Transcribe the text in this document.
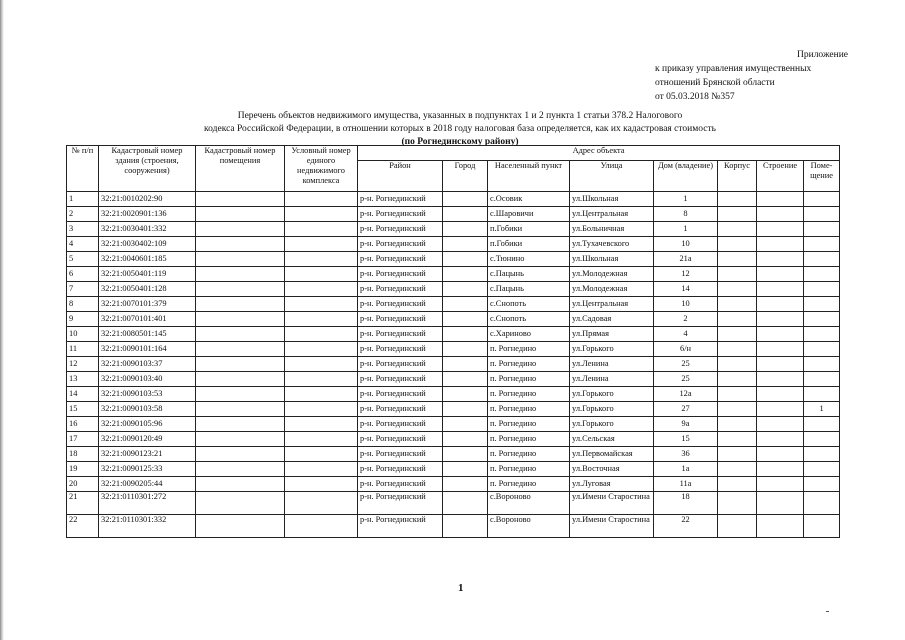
Приложение
к приказу управления имущественных
отношений Брянской области
от 05.03.2018 №357
Перечень объектов недвижимого имущества, указанных в подпунктах 1 и 2 пункта 1 статьи 378.2 Налогового
кодекса Российской Федерации, в отношении которых в 2018 году налоговая база определяется, как их кадастровая стоимость
(по Рогнединскому району)
№ п/п	Кадастровый номер здания (строения, сооружения)	Кадастровый номер помещения	Условный номер единого недвижимого комплекса	Адрес объекта							
				Район	Город	Населенный пункт	Улица	Дом (владение)	Корпус	Строение	Поме-щение
1	32:21:0010202:90			р-н. Рогнединский		с.Осовик	ул.Школьная	1			
2	32:21:0020901:136			р-н. Рогнединский		с.Шаровичи	ул.Центральная	8			
3	32:21:0030401:332			р-н. Рогнединский		п.Гобики	ул.Больничная	1			
4	32:21:0030402:109			р-н. Рогнединский		п.Гобики	ул.Тухачевского	10			
5	32:21:0040601:185			р-н. Рогнединский		с.Тюнино	ул.Школьная	21а			
6	32:21:0050401:119			р-н. Рогнединский		с.Пацынь	ул.Молодежная	12			
7	32:21:0050401:128			р-н. Рогнединский		с.Пацынь	ул.Молодежная	14			
8	32:21:0070101:379			р-н. Рогнединский		с.Снопоть	ул.Центральная	10			
9	32:21:0070101:401			р-н. Рогнединский		с.Снопоть	ул.Садовая	2			
10	32:21:0080501:145			р-н. Рогнединский		с.Хариново	ул.Прямая	4			
11	32:21:0090101:164			р-н. Рогнединский		п. Рогнедино	ул.Горького	6/н			
12	32:21:0090103:37			р-н. Рогнединский		п. Рогнедино	ул.Ленина	25			
13	32:21:0090103:40			р-н. Рогнединский		п. Рогнедино	ул.Ленина	25			
14	32:21:0090103:53			р-н. Рогнединский		п. Рогнедино	ул.Горького	12а			
15	32:21:0090103:58			р-н. Рогнединский		п. Рогнедино	ул.Горького	27			1
16	32:21:0090105:96			р-н. Рогнединский		п. Рогнедино	ул.Горького	9а			
17	32:21:0090120:49			р-н. Рогнединский		п. Рогнедино	ул.Сельская	15			
18	32:21:0090123:21			р-н. Рогнединский		п. Рогнедино	ул.Первомайская	36			
19	32:21:0090125:33			р-н. Рогнединский		п. Рогнедино	ул.Восточная	1а			
20	32:21:0090205:44			р-н. Рогнединский		п. Рогнедино	ул.Луговая	11а			
21	32:21:0110301:272			р-н. Рогнединский		с.Вороново	ул.Имени Старостина	18			
22	32:21:0110301:332			р-н. Рогнединский		с.Вороново	ул.Имени Старостина	22			
1
